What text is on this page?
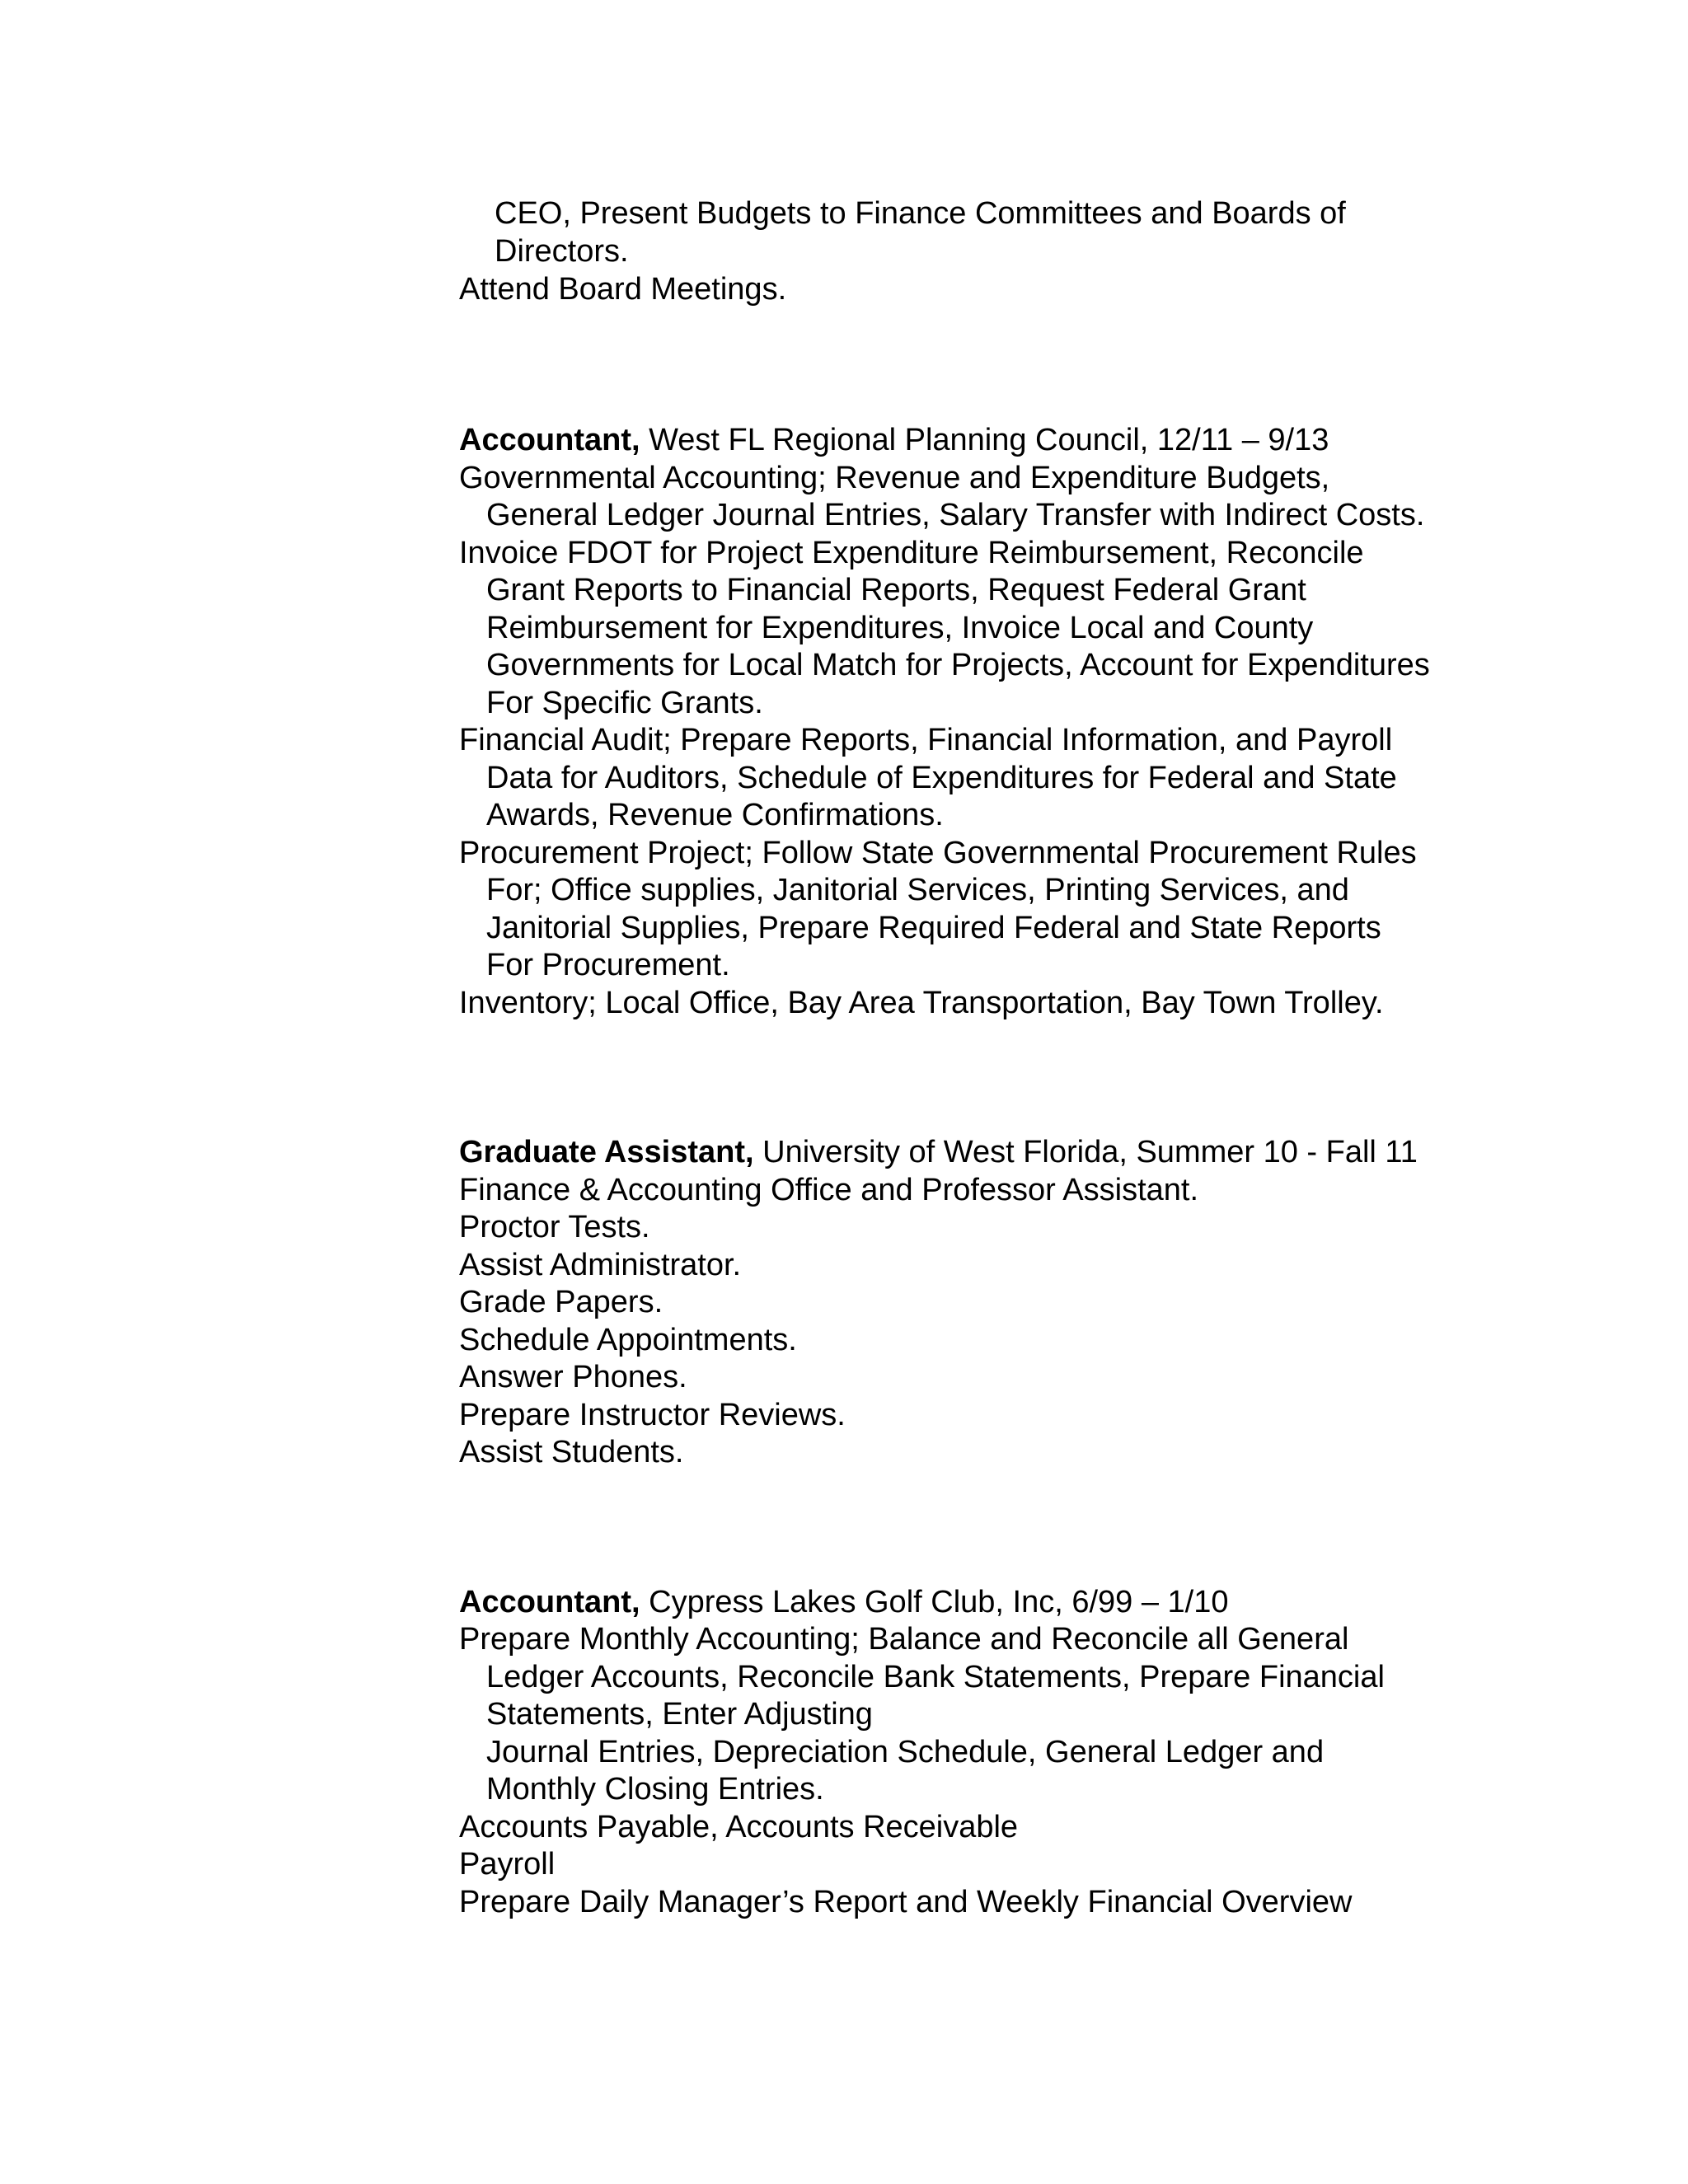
CEO, Present Budgets to Finance Committees and Boards of
Directors.
Attend Board Meetings.
Accountant, West FL Regional Planning Council, 12/11 – 9/13
Governmental Accounting; Revenue and Expenditure Budgets,
General Ledger Journal Entries, Salary Transfer with Indirect Costs.
Invoice FDOT for Project Expenditure Reimbursement, Reconcile
Grant Reports to Financial Reports, Request Federal Grant
Reimbursement for Expenditures, Invoice Local and County
Governments for Local Match for Projects, Account for Expenditures
For Specific Grants.
Financial Audit; Prepare Reports, Financial Information, and Payroll
Data for Auditors, Schedule of Expenditures for Federal and State
Awards, Revenue Confirmations.
Procurement Project; Follow State Governmental Procurement Rules
For; Office supplies, Janitorial Services, Printing Services, and
Janitorial Supplies, Prepare Required Federal and State Reports
For Procurement.
Inventory; Local Office, Bay Area Transportation, Bay Town Trolley.
Graduate Assistant, University of West Florida, Summer 10 - Fall 11
Finance & Accounting Office and Professor Assistant.
Proctor Tests.
Assist Administrator.
Grade Papers.
Schedule Appointments.
Answer Phones.
Prepare Instructor Reviews.
Assist Students.
Accountant, Cypress Lakes Golf Club, Inc, 6/99 – 1/10
Prepare Monthly Accounting; Balance and Reconcile all General
Ledger Accounts, Reconcile Bank Statements, Prepare Financial
Statements, Enter Adjusting
Journal Entries, Depreciation Schedule, General Ledger and
Monthly Closing Entries.
Accounts Payable, Accounts Receivable
Payroll
Prepare Daily Manager’s Report and Weekly Financial Overview
